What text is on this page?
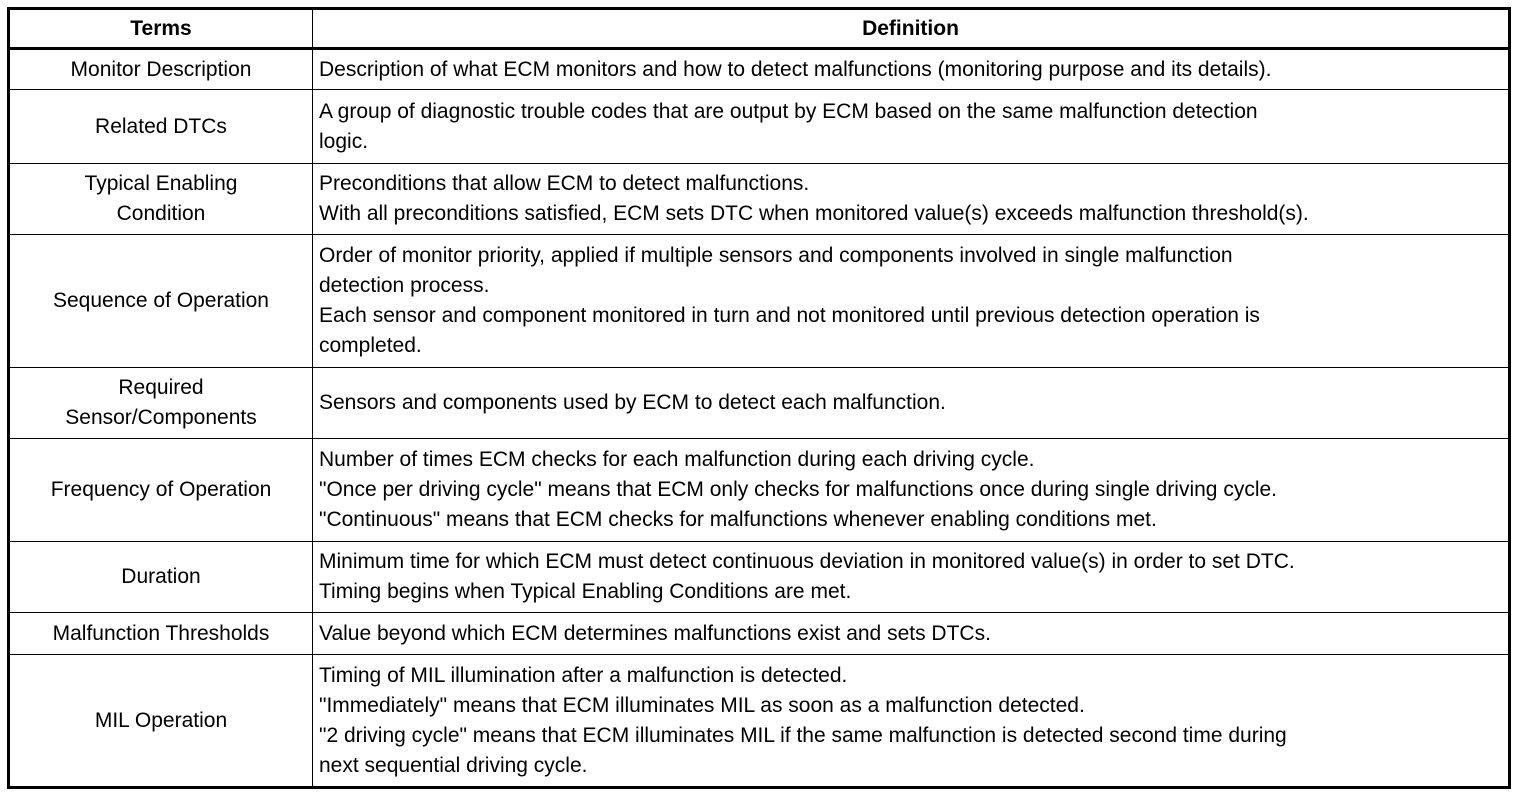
Terms	Definition

Monitor Description	Description of what ECM monitors and how to detect malfunctions (monitoring purpose and its details).

Related DTCs	A group of diagnostic trouble codes that are output by ECM based on the same malfunction detection
logic.

Typical Enabling
Condition	Preconditions that allow ECM to detect malfunctions.
With all preconditions satisfied, ECM sets DTC when monitored value(s) exceeds malfunction threshold(s).

Sequence of Operation	Order of monitor priority, applied if multiple sensors and components involved in single malfunction
detection process.
Each sensor and component monitored in turn and not monitored until previous detection operation is
completed.

Required
Sensor/Components	Sensors and components used by ECM to detect each malfunction.

Frequency of Operation	Number of times ECM checks for each malfunction during each driving cycle.
"Once per driving cycle" means that ECM only checks for malfunctions once during single driving cycle.
"Continuous" means that ECM checks for malfunctions whenever enabling conditions met.

Duration	Minimum time for which ECM must detect continuous deviation in monitored value(s) in order to set DTC.
Timing begins when Typical Enabling Conditions are met.

Malfunction Thresholds	Value beyond which ECM determines malfunctions exist and sets DTCs.

MIL Operation	Timing of MIL illumination after a malfunction is detected.
"Immediately" means that ECM illuminates MIL as soon as a malfunction detected.
"2 driving cycle" means that ECM illuminates MIL if the same malfunction is detected second time during
next sequential driving cycle.
